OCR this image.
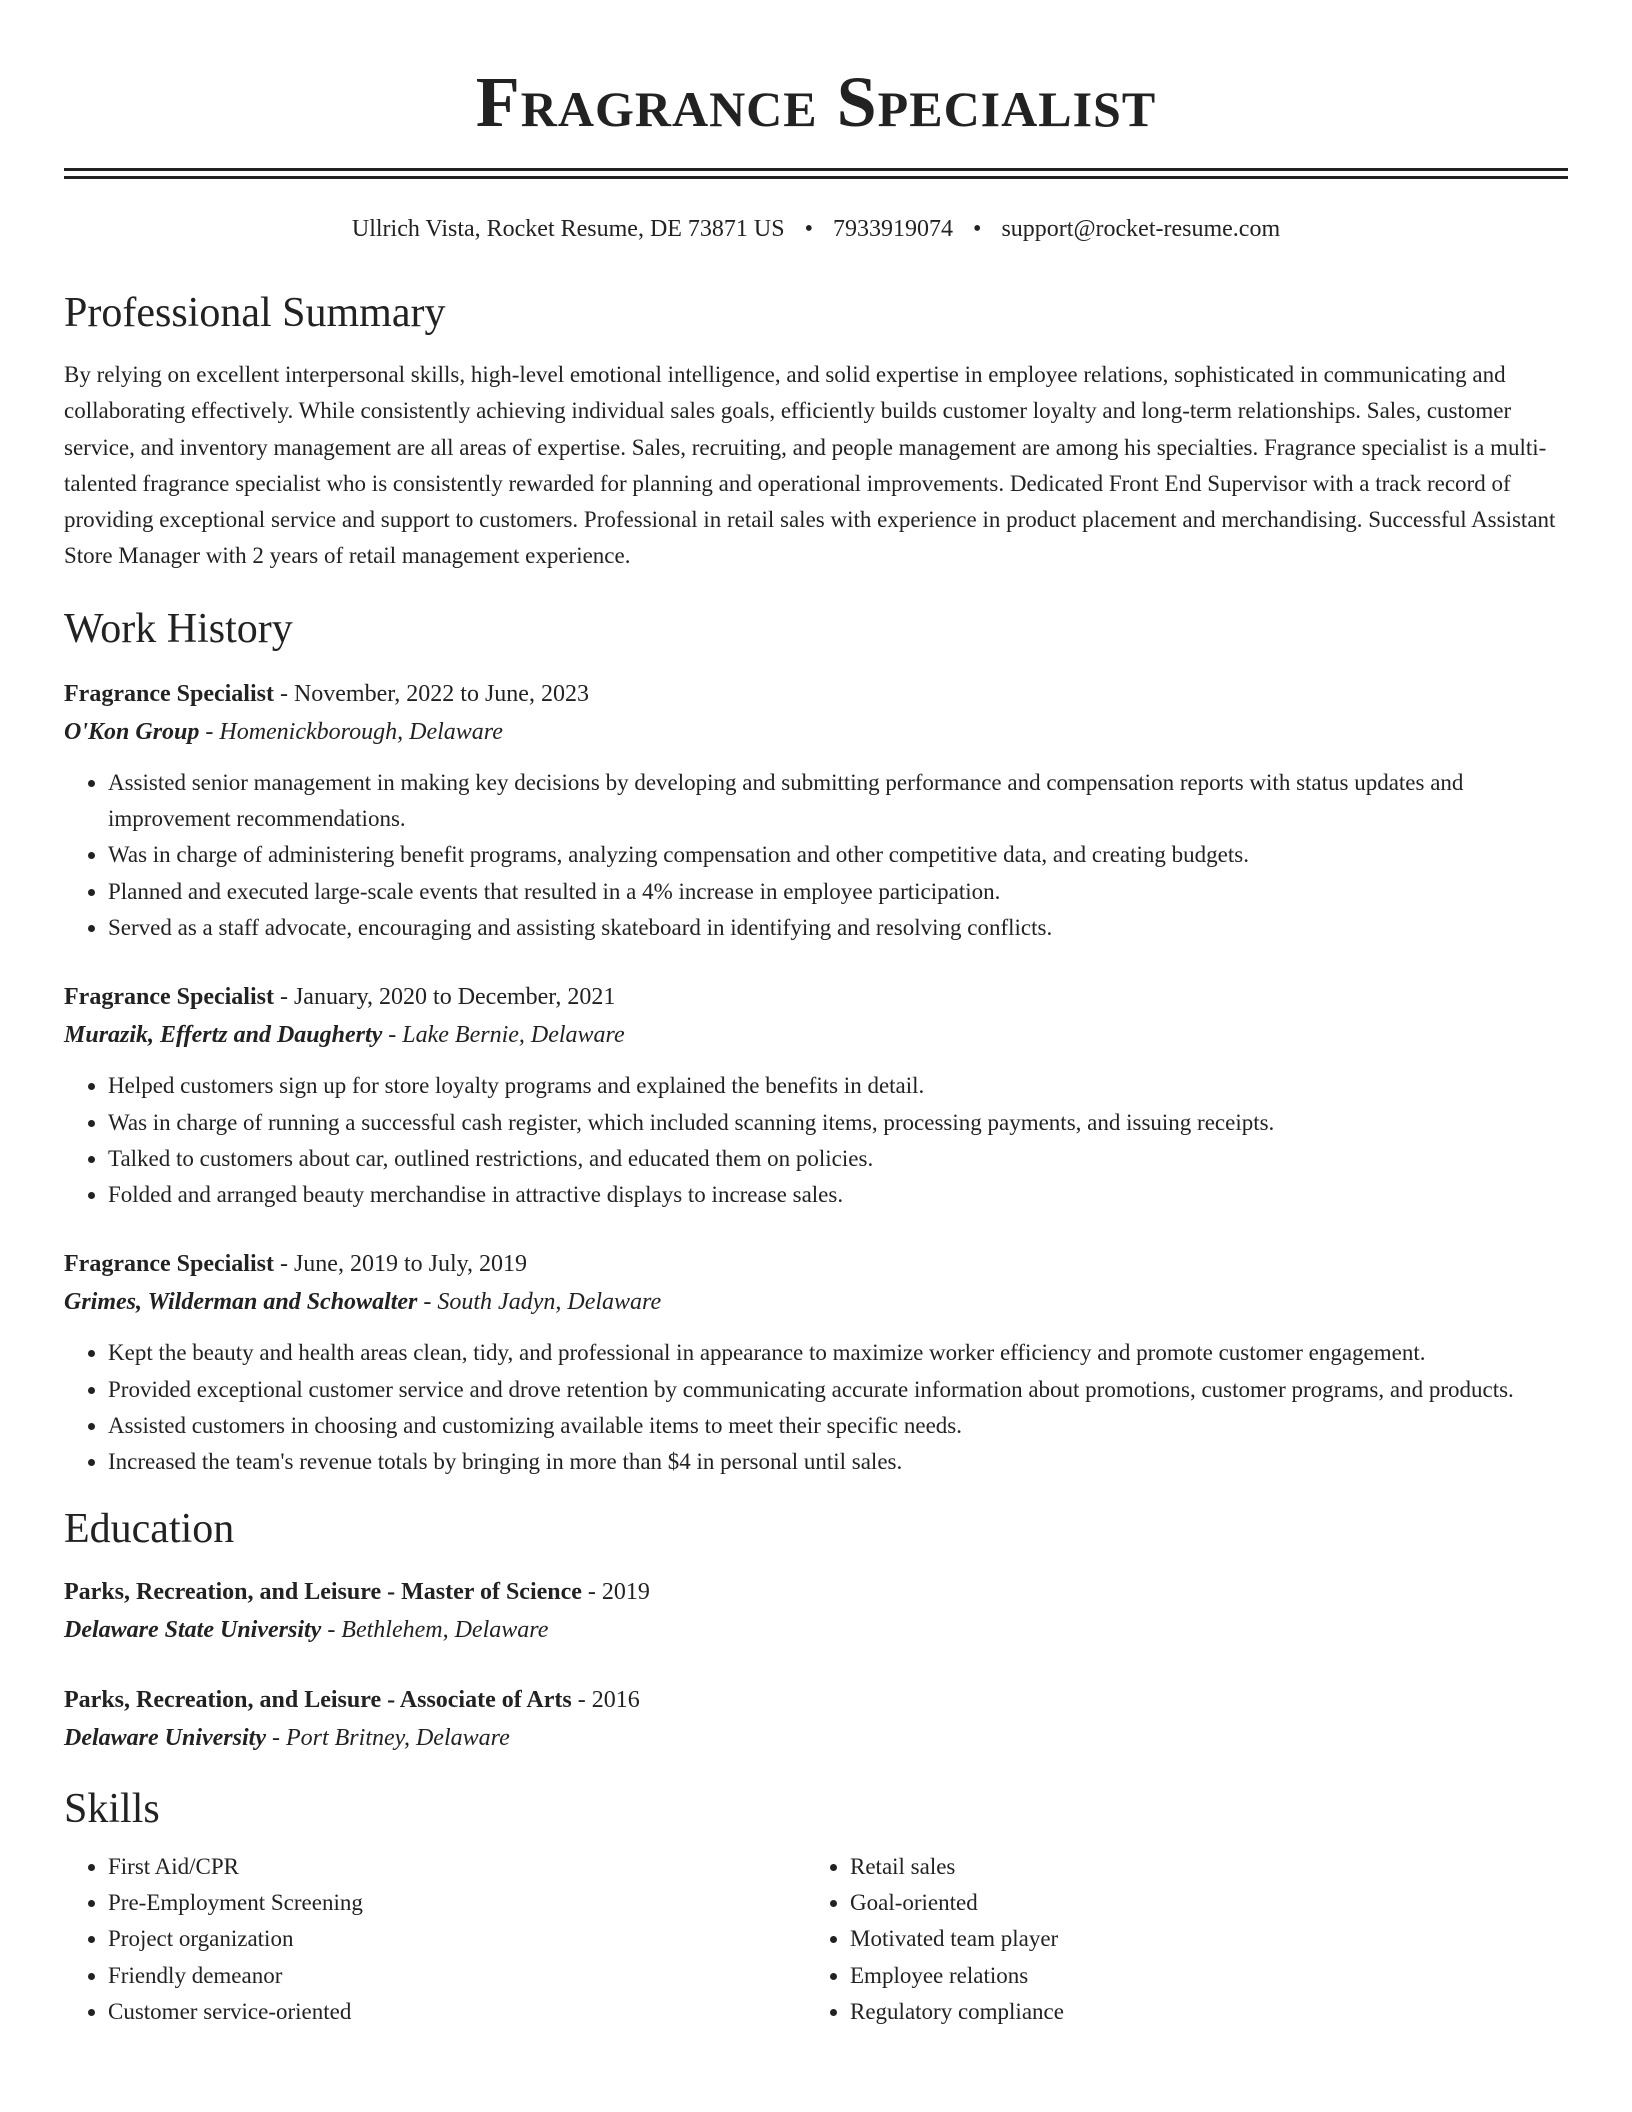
Fragrance Specialist
Ullrich Vista, Rocket Resume, DE 73871 US • 7933919074 • support@rocket-resume.com
Professional Summary

By relying on excellent interpersonal skills, high-level emotional intelligence, and solid expertise in employee relations, sophisticated in communicating and collaborating effectively. While consistently achieving individual sales goals, efficiently builds customer loyalty and long-term relationships. Sales, customer service, and inventory management are all areas of expertise. Sales, recruiting, and people management are among his specialties. Fragrance specialist is a multi-talented fragrance specialist who is consistently rewarded for planning and operational improvements. Dedicated Front End Supervisor with a track record of providing exceptional service and support to customers. Professional in retail sales with experience in product placement and merchandising. Successful Assistant Store Manager with 2 years of retail management experience.

Work History
Fragrance Specialist - November, 2022 to June, 2023
O'Kon Group - Homenickborough, Delaware
• Assisted senior management in making key decisions by developing and submitting performance and compensation reports with status updates and improvement recommendations.
• Was in charge of administering benefit programs, analyzing compensation and other competitive data, and creating budgets.
• Planned and executed large-scale events that resulted in a 4% increase in employee participation.
• Served as a staff advocate, encouraging and assisting skateboard in identifying and resolving conflicts.
Fragrance Specialist - January, 2020 to December, 2021
Murazik, Effertz and Daugherty - Lake Bernie, Delaware
• Helped customers sign up for store loyalty programs and explained the benefits in detail.
• Was in charge of running a successful cash register, which included scanning items, processing payments, and issuing receipts.
• Talked to customers about car, outlined restrictions, and educated them on policies.
• Folded and arranged beauty merchandise in attractive displays to increase sales.
Fragrance Specialist - June, 2019 to July, 2019
Grimes, Wilderman and Schowalter - South Jadyn, Delaware
• Kept the beauty and health areas clean, tidy, and professional in appearance to maximize worker efficiency and promote customer engagement.
• Provided exceptional customer service and drove retention by communicating accurate information about promotions, customer programs, and products.
• Assisted customers in choosing and customizing available items to meet their specific needs.
• Increased the team's revenue totals by bringing in more than $4 in personal until sales.
Education
Parks, Recreation, and Leisure - Master of Science - 2019
Delaware State University - Bethlehem, Delaware
Parks, Recreation, and Leisure - Associate of Arts - 2016
Delaware University - Port Britney, Delaware
Skills
• First Aid/CPR
• Pre-Employment Screening
• Project organization
• Friendly demeanor
• Customer service-oriented
• Retail sales
• Goal-oriented
• Motivated team player
• Employee relations
• Regulatory compliance
